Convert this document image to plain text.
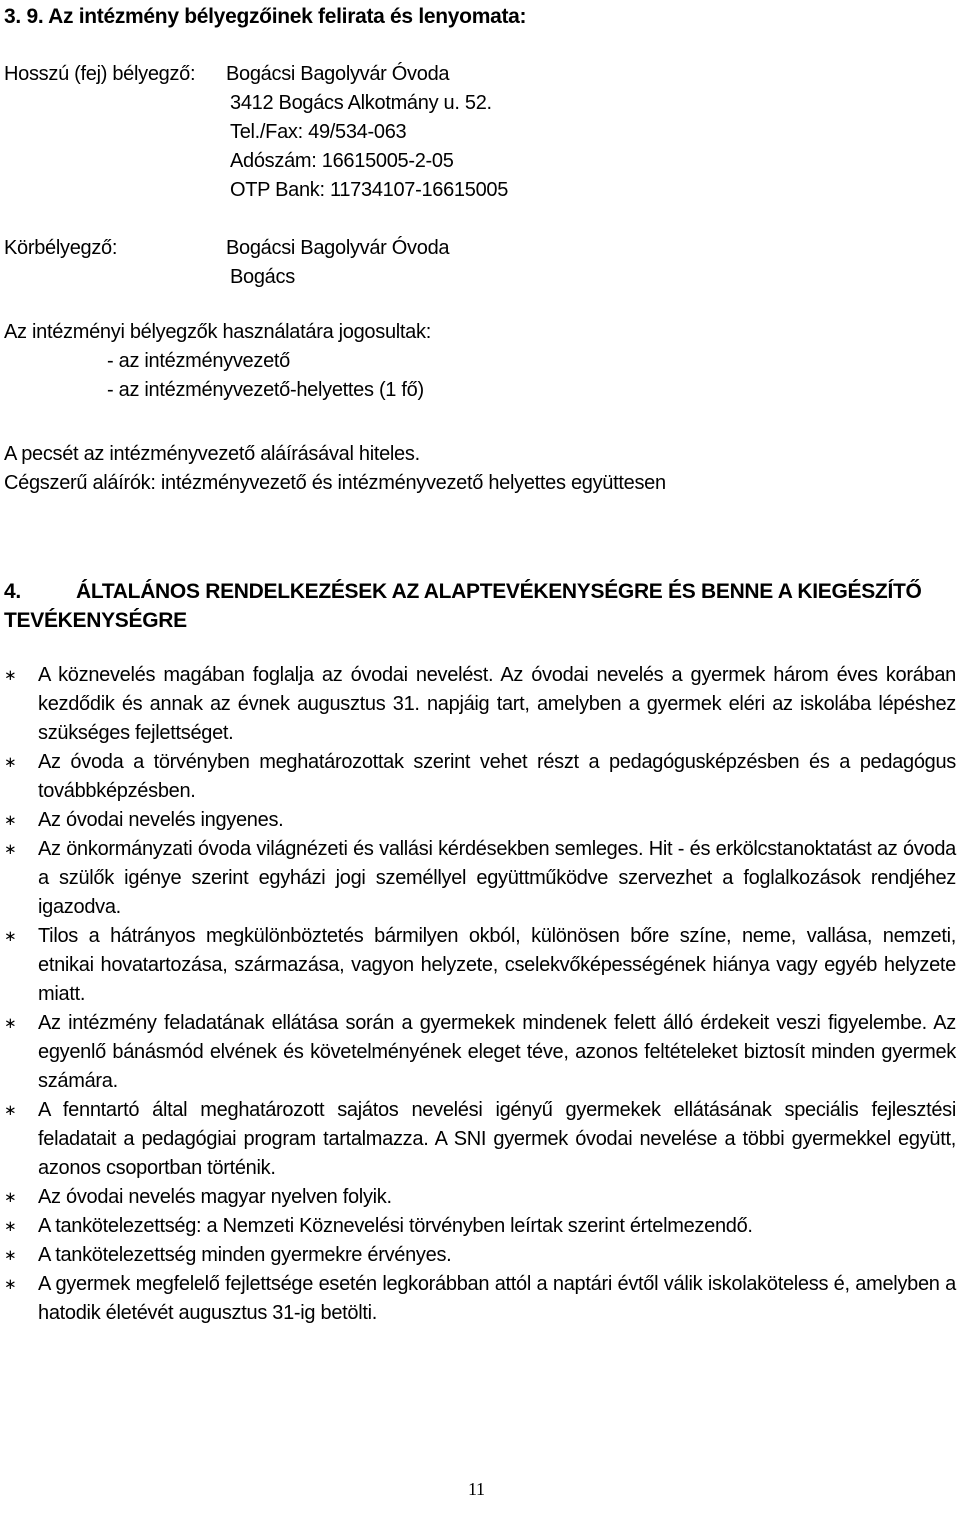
3. 9. Az intézmény bélyegzőinek felirata és lenyomata:
Hosszú (fej) bélyegző: Bogácsi Bagolyvár Óvoda
3412 Bogács Alkotmány u. 52.
Tel./Fax: 49/534-063
Adószám: 16615005-2-05
OTP Bank: 11734107-16615005
Körbélyegző:	Bogácsi Bagolyvár Óvoda
Bogács
Az intézményi bélyegzők használatára jogosultak:
- az intézményvezető
- az intézményvezető-helyettes (1 fő)
A pecsét az intézményvezető aláírásával hiteles.
Cégszerű aláírók: intézményvezető és intézményvezető helyettes együttesen
4.	ÁLTALÁNOS RENDELKEZÉSEK AZ ALAPTEVÉKENYSÉGRE ÉS BENNE A KIEGÉSZÍTŐ TEVÉKENYSÉGRE
∗ A köznevelés magában foglalja az óvodai nevelést. Az óvodai nevelés a gyermek három éves korában kezdődik és annak az évnek augusztus 31. napjáig tart, amelyben a gyermek eléri az iskolába lépéshez szükséges fejlettséget.
∗ Az óvoda a törvényben meghatározottak szerint vehet részt a pedagógusképzésben és a pedagógus továbbképzésben.
∗ Az óvodai nevelés ingyenes.
∗ Az önkormányzati óvoda világnézeti és vallási kérdésekben semleges. Hit - és erkölcstanoktatást az óvoda a szülők igénye szerint egyházi jogi személlyel együttműködve szervezhet a foglalkozások rendjéhez igazodva.
∗ Tilos a hátrányos megkülönböztetés bármilyen okból, különösen bőre színe, neme, vallása, nemzeti, etnikai hovatartozása, származása, vagyon helyzete, cselekvőképességének hiánya vagy egyéb helyzete miatt.
∗ Az intézmény feladatának ellátása során a gyermekek mindenek felett álló érdekeit veszi figyelembe. Az egyenlő bánásmód elvének és követelményének eleget téve, azonos feltételeket biztosít minden gyermek számára.
∗ A fenntartó által meghatározott sajátos nevelési igényű gyermekek ellátásának speciális fejlesztési feladatait a pedagógiai program tartalmazza. A SNI gyermek óvodai nevelése a többi gyermekkel együtt, azonos csoportban történik.
∗ Az óvodai nevelés magyar nyelven folyik.
∗ A tankötelezettség: a Nemzeti Köznevelési törvényben leírtak szerint értelmezendő.
∗ A tankötelezettség minden gyermekre érvényes.
∗ A gyermek megfelelő fejlettsége esetén legkorábban attól a naptári évtől válik iskolaköteless é, amelyben a hatodik életévét augusztus 31-ig betölti.
11
